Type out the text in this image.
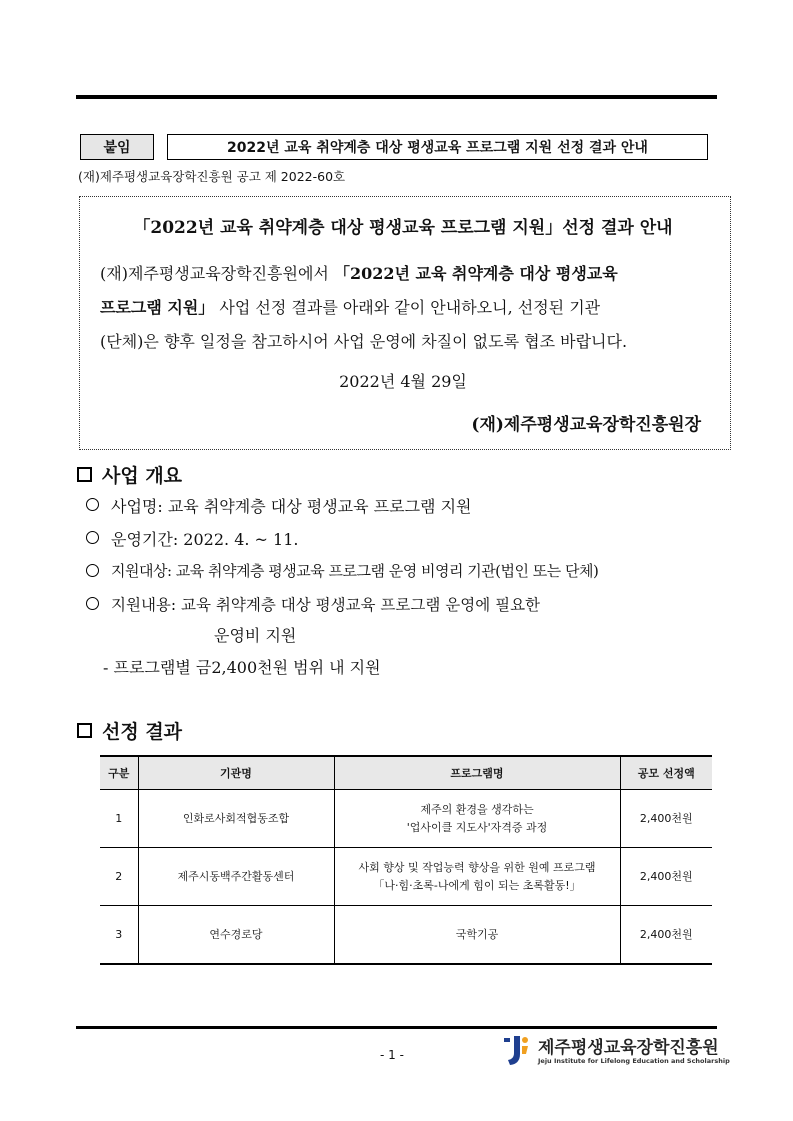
붙임	2022년 교육 취약계층 대상 평생교육 프로그램 지원 선정 결과 안내
(재)제주평생교육장학진흥원 공고 제 2022-60호
「2022년 교육 취약계층 대상 평생교육 프로그램 지원」선정 결과 안내
(재)제주평생교육장학진흥원에서 「2022년 교육 취약계층 대상 평생교육
프로그램 지원」 사업 선정 결과를 아래와 같이 안내하오니, 선정된 기관
(단체)은 향후 일정을 참고하시어 사업 운영에 차질이 없도록 협조 바랍니다.
2022년 4월 29일
(재)제주평생교육장학진흥원장
사업 개요
사업명: 교육 취약계층 대상 평생교육 프로그램 지원
운영기간: 2022. 4. ~ 11.
지원대상: 교육 취약계층 평생교육 프로그램 운영 비영리 기관(법인 또는 단체)
지원내용: 교육 취약계층 대상 평생교육 프로그램 운영에 필요한
운영비 지원
- 프로그램별 금2,400천원 범위 내 지원
선정 결과
구분	기관명	프로그램명	공모 선정액
1	인화로사회적협동조합	제주의 환경을 생각하는
'업사이클 지도사'자격증 과정	2,400천원
2	제주시동백주간활동센터	사회 향상 및 작업능력 향상을 위한 원예 프로그램
「나·힘·초록-나에게 힘이 되는 초록활동!」	2,400천원
3	연수경로당	국학기공	2,400천원
- 1 -	제주평생교육장학진흥원
Jeju Institute for Lifelong Education and Scholarship
